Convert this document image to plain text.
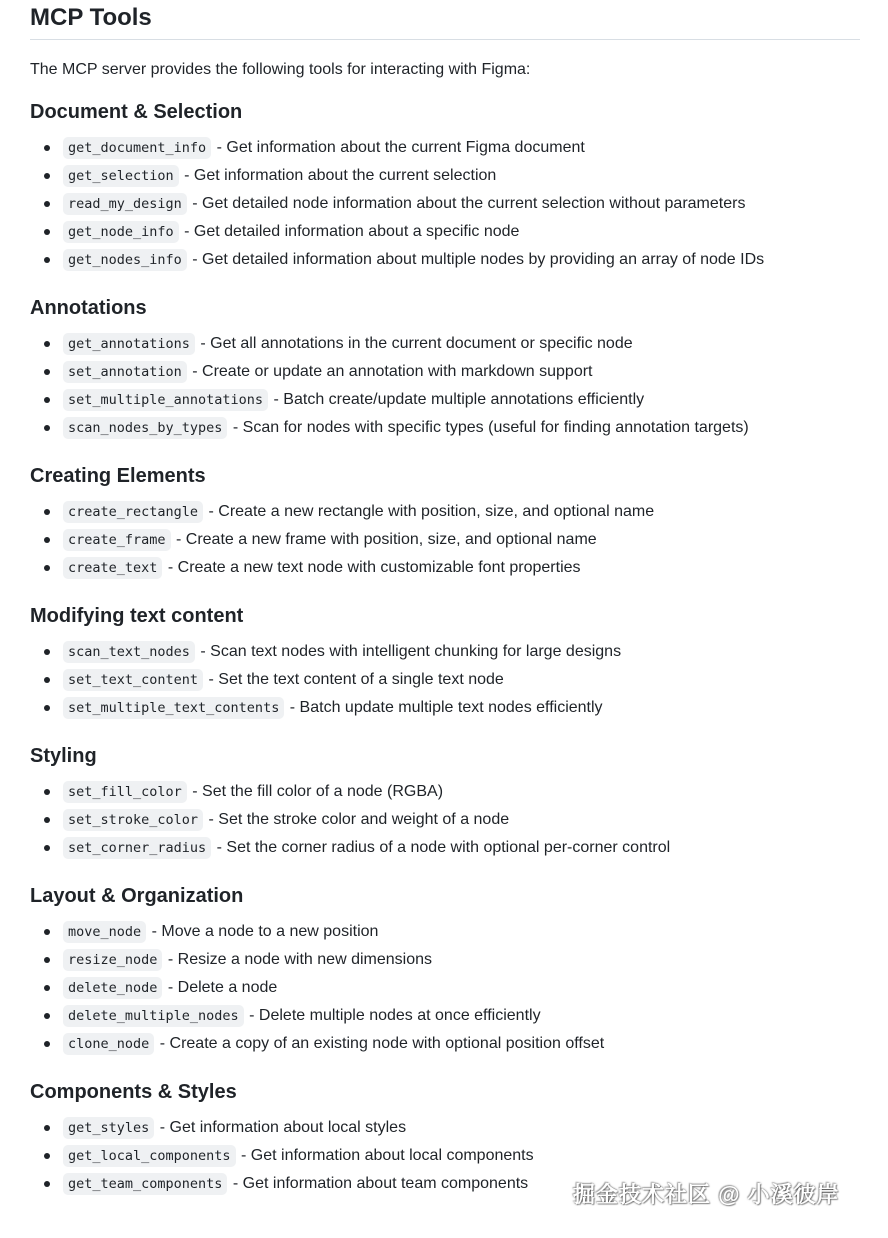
MCP Tools

The MCP server provides the following tools for interacting with Figma:

Document & Selection
get_document_info - Get information about the current Figma document
get_selection - Get information about the current selection
read_my_design - Get detailed node information about the current selection without parameters
get_node_info - Get detailed information about a specific node
get_nodes_info - Get detailed information about multiple nodes by providing an array of node IDs
Annotations
get_annotations - Get all annotations in the current document or specific node
set_annotation - Create or update an annotation with markdown support
set_multiple_annotations - Batch create/update multiple annotations efficiently
scan_nodes_by_types - Scan for nodes with specific types (useful for finding annotation targets)
Creating Elements
create_rectangle - Create a new rectangle with position, size, and optional name
create_frame - Create a new frame with position, size, and optional name
create_text - Create a new text node with customizable font properties
Modifying text content
scan_text_nodes - Scan text nodes with intelligent chunking for large designs
set_text_content - Set the text content of a single text node
set_multiple_text_contents - Batch update multiple text nodes efficiently
Styling
set_fill_color - Set the fill color of a node (RGBA)
set_stroke_color - Set the stroke color and weight of a node
set_corner_radius - Set the corner radius of a node with optional per-corner control
Layout & Organization
move_node - Move a node to a new position
resize_node - Resize a node with new dimensions
delete_node - Delete a node
delete_multiple_nodes - Delete multiple nodes at once efficiently
clone_node - Create a copy of an existing node with optional position offset
Components & Styles
get_styles - Get information about local styles
get_local_components - Get information about local components
get_team_components - Get information about team components	掘金技术社区 @ 小溪彼岸
